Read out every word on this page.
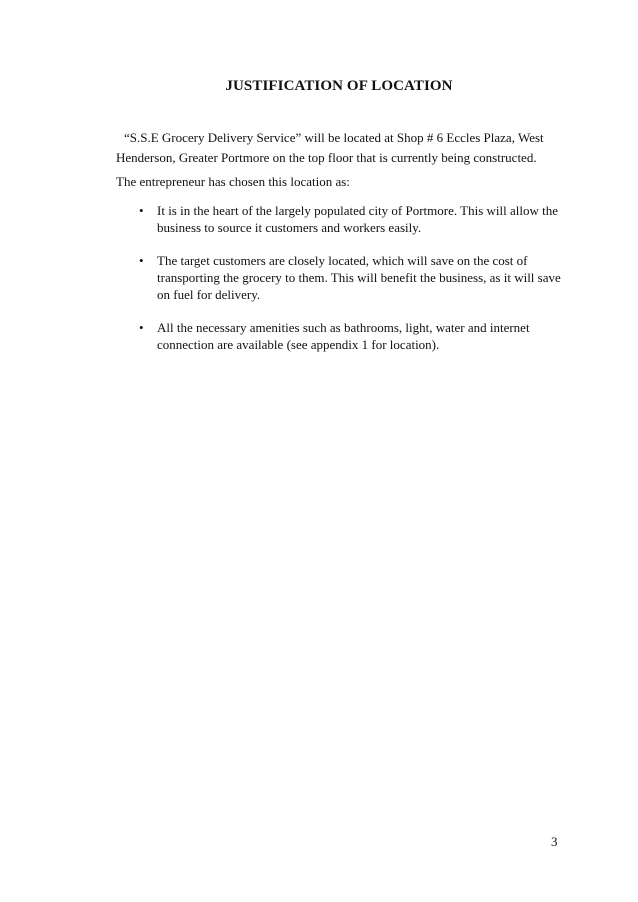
JUSTIFICATION OF LOCATION
“S.S.E Grocery Delivery Service” will be located at Shop # 6 Eccles Plaza, West Henderson, Greater Portmore on the top floor that is currently being constructed.
The entrepreneur has chosen this location as:
• It is in the heart of the largely populated city of Portmore. This will allow the business to source it customers and workers easily.
• The target customers are closely located, which will save on the cost of transporting the grocery to them. This will benefit the business, as it will save on fuel for delivery.
• All the necessary amenities such as bathrooms, light, water and internet connection are available (see appendix 1 for location).
3
